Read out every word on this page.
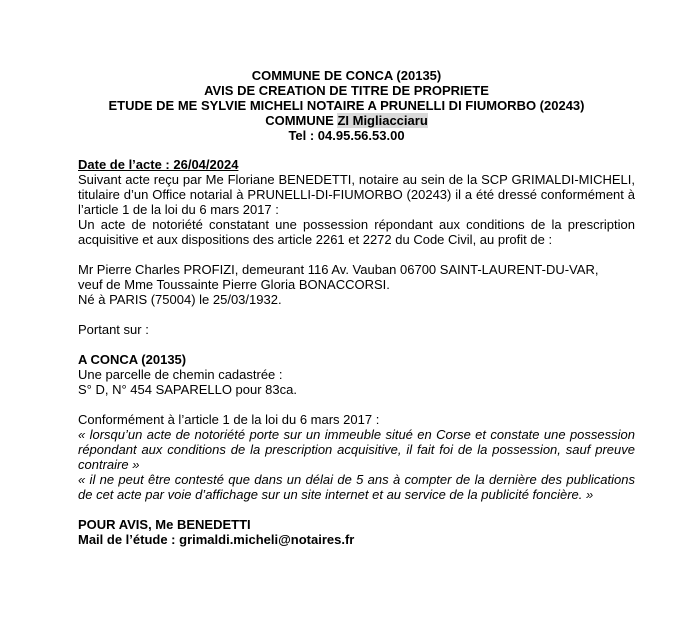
COMMUNE DE CONCA (20135)
AVIS DE CREATION DE TITRE DE PROPRIETE
ETUDE DE ME SYLVIE MICHELI NOTAIRE A PRUNELLI DI FIUMORBO (20243)
COMMUNE ZI Migliacciaru
Tel : 04.95.56.53.00

Date de l’acte : 26/04/2024

Suivant acte reçu par Me Floriane BENEDETTI, notaire au sein de la SCP GRIMALDI-MICHELI, titulaire d’un Office notarial à PRUNELLI-DI-FIUMORBO (20243) il a été dressé conformément à l’article 1 de la loi du 6 mars 2017 :

Un acte de notoriété constatant une possession répondant aux conditions de la prescription acquisitive et aux dispositions des article 2261 et 2272 du Code Civil, au profit de :

Mr Pierre Charles PROFIZI, demeurant 116 Av. Vauban 06700 SAINT-LAURENT-DU-VAR,

veuf de Mme Toussainte Pierre Gloria BONACCORSI.

Né à PARIS (75004) le 25/03/1932.

Portant sur :

A CONCA (20135)

Une parcelle de chemin cadastrée :

S° D, N° 454 SAPARELLO pour 83ca.

Conformément à l’article 1 de la loi du 6 mars 2017 :

« lorsqu’un acte de notoriété porte sur un immeuble situé en Corse et constate une possession répondant aux conditions de la prescription acquisitive, il fait foi de la possession, sauf preuve contraire »

« il ne peut être contesté que dans un délai de 5 ans à compter de la dernière des publications de cet acte par voie d’affichage sur un site internet et au service de la publicité foncière. »

POUR AVIS, Me BENEDETTI

Mail de l’étude : grimaldi.micheli@notaires.fr
